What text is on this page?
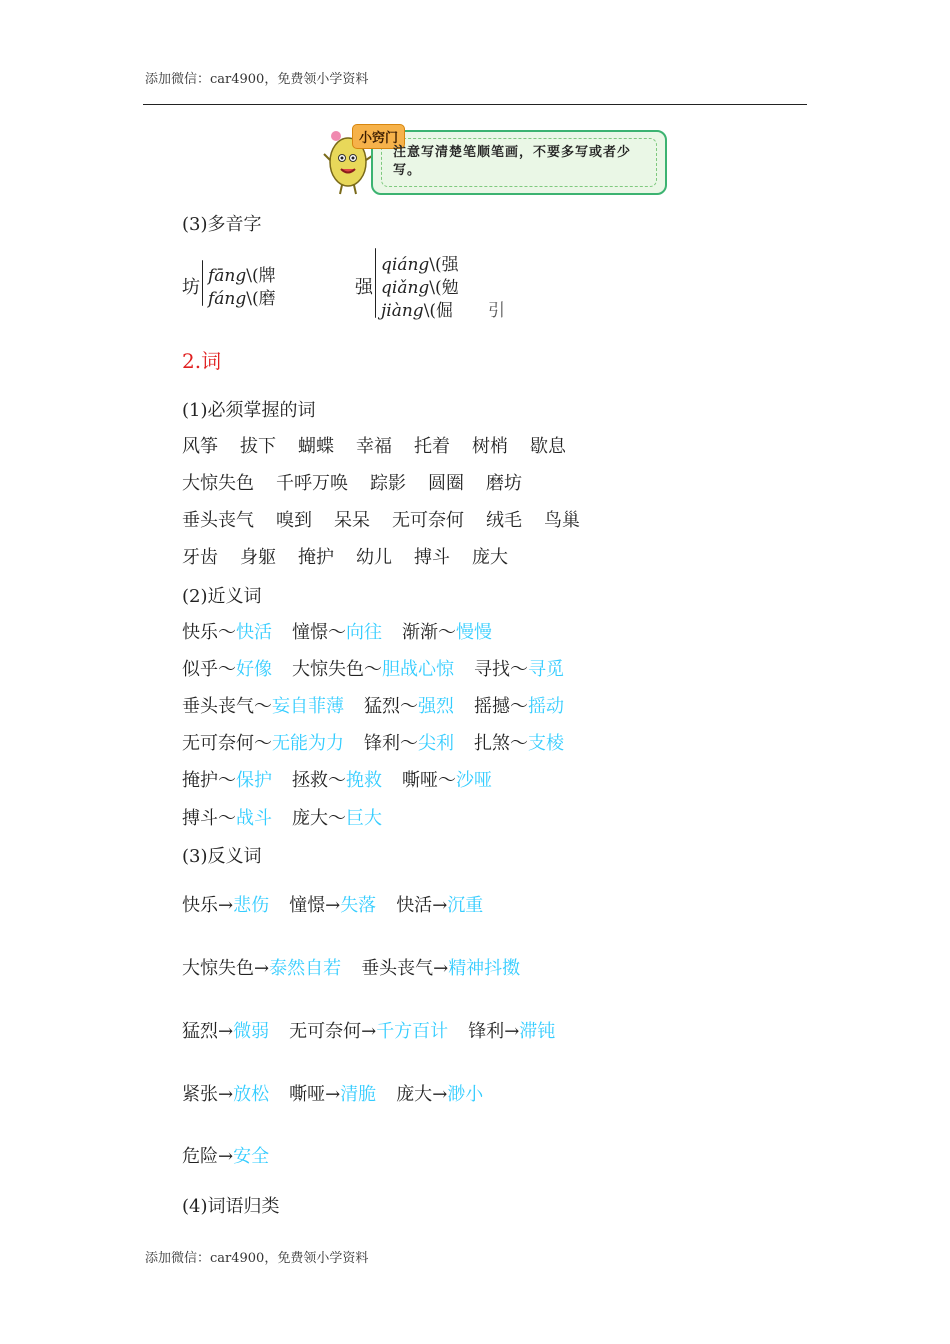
添加微信：car4900，免费领小学资料
小窍门
注意写清楚笔顺笔画，不要多写或者少写。
(3)多音字
坊
fāng\(牌
fáng\(磨
强
qiáng\(强
qiǎng\(勉
jiàng\(倔 引
2.词
(1)必须掌握的词
风筝 拔下 蝴蝶 幸福 托着 树梢 歇息
大惊失色 千呼万唤 踪影 圆圈 磨坊
垂头丧气 嗅到 呆呆 无可奈何 绒毛 鸟巢
牙齿 身躯 掩护 幼儿 搏斗 庞大
(2)近义词
快乐～快活 憧憬～向往 渐渐～慢慢
似乎～好像 大惊失色～胆战心惊 寻找～寻觅
垂头丧气～妄自菲薄 猛烈～强烈 摇撼～摇动
无可奈何～无能为力 锋利～尖利 扎煞～支棱
掩护～保护 拯救～挽救 嘶哑～沙哑
搏斗～战斗 庞大～巨大
(3)反义词
快乐→悲伤 憧憬→失落 快活→沉重
大惊失色→泰然自若 垂头丧气→精神抖擞
猛烈→微弱 无可奈何→千方百计 锋利→滞钝
紧张→放松 嘶哑→清脆 庞大→渺小
危险→安全
(4)词语归类
添加微信：car4900，免费领小学资料
